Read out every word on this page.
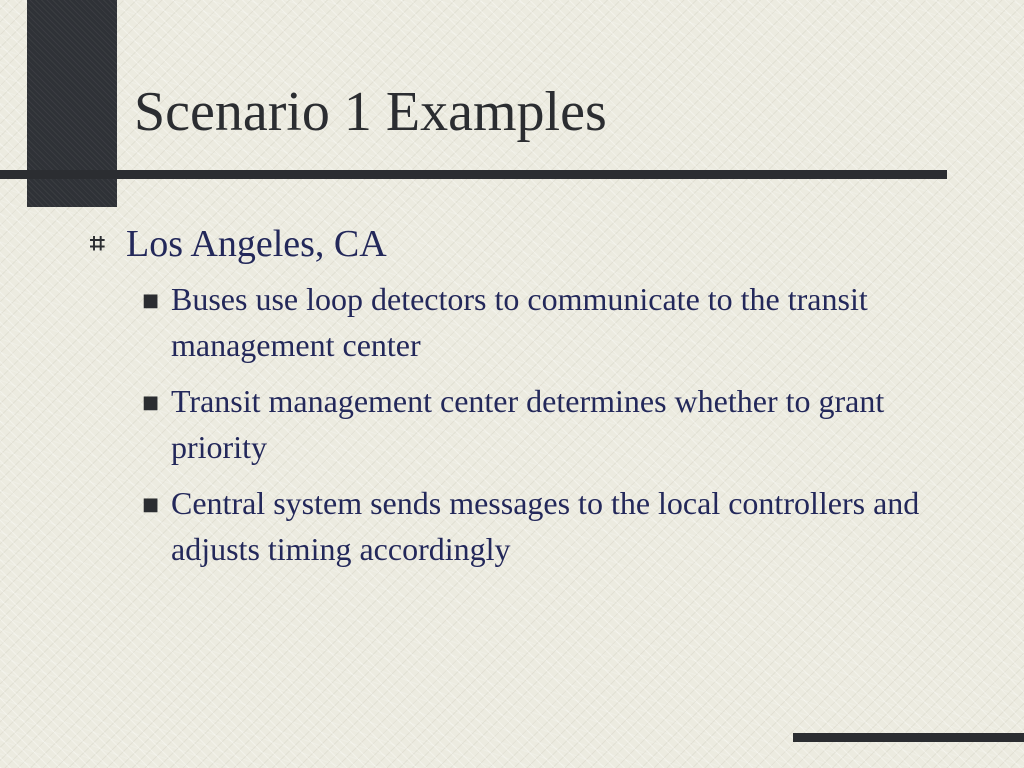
Scenario 1 Examples
⌗ Los Angeles, CA
■ Buses use loop detectors to communicate to the transit management center
■ Transit management center determines whether to grant priority
■ Central system sends messages to the local controllers and adjusts timing accordingly
